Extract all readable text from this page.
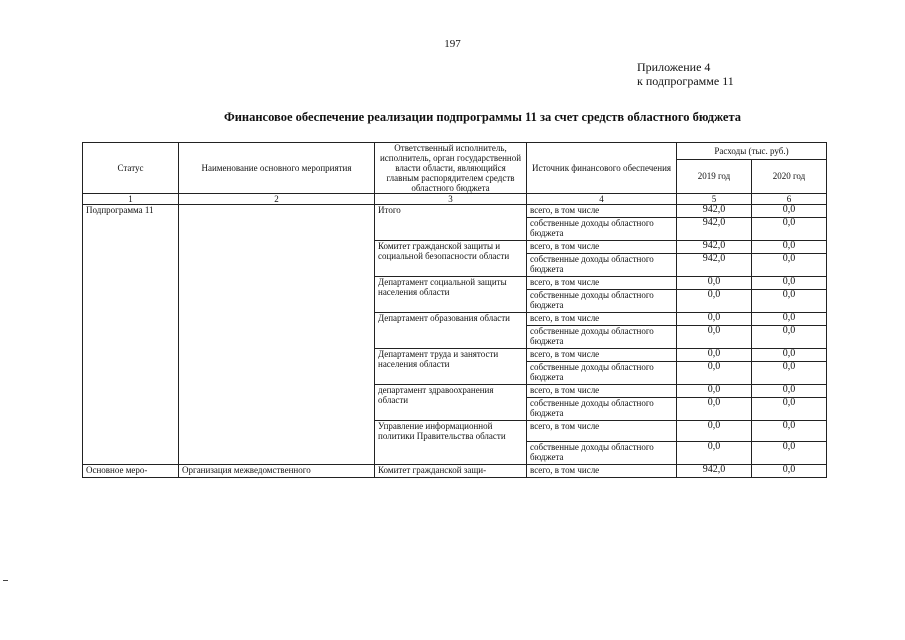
197
Приложение 4
к подпрограмме 11
Финансовое обеспечение реализации подпрограммы 11 за счет средств областного бюджета
Статус	Наименование основного мероприятия	Ответственный исполнитель, исполнитель, орган государственной власти области, являющийся главным распорядителем средств областного бюджета	Источник финансового обеспечения	Расходы (тыс. руб.)	
				2019 год	2020 год
1	2	3	4	5	6
Подпрограмма 11		Итого	всего, в том числе	942,0	0,0
			собственные доходы областного бюджета	942,0	0,0
		Комитет гражданской защиты и социальной безопасности области	всего, в том числе	942,0	0,0
			собственные доходы областного бюджета	942,0	0,0
		Департамент социальной защиты населения области	всего, в том числе	0,0	0,0
			собственные доходы областного бюджета	0,0	0,0
		Департамент образования области	всего, в том числе	0,0	0,0
			собственные доходы областного бюджета	0,0	0,0
		Департамент труда и занятости населения области	всего, в том числе	0,0	0,0
			собственные доходы областного бюджета	0,0	0,0
		департамент здравоохранения области	всего, в том числе	0,0	0,0
			собственные доходы областного бюджета	0,0	0,0
		Управление информационной политики Правительства области	всего, в том числе	0,0	0,0
			собственные доходы областного бюджета	0,0	0,0
Основное меро-	Организация межведомственного	Комитет гражданской защи-	всего, в том числе	942,0	0,0
